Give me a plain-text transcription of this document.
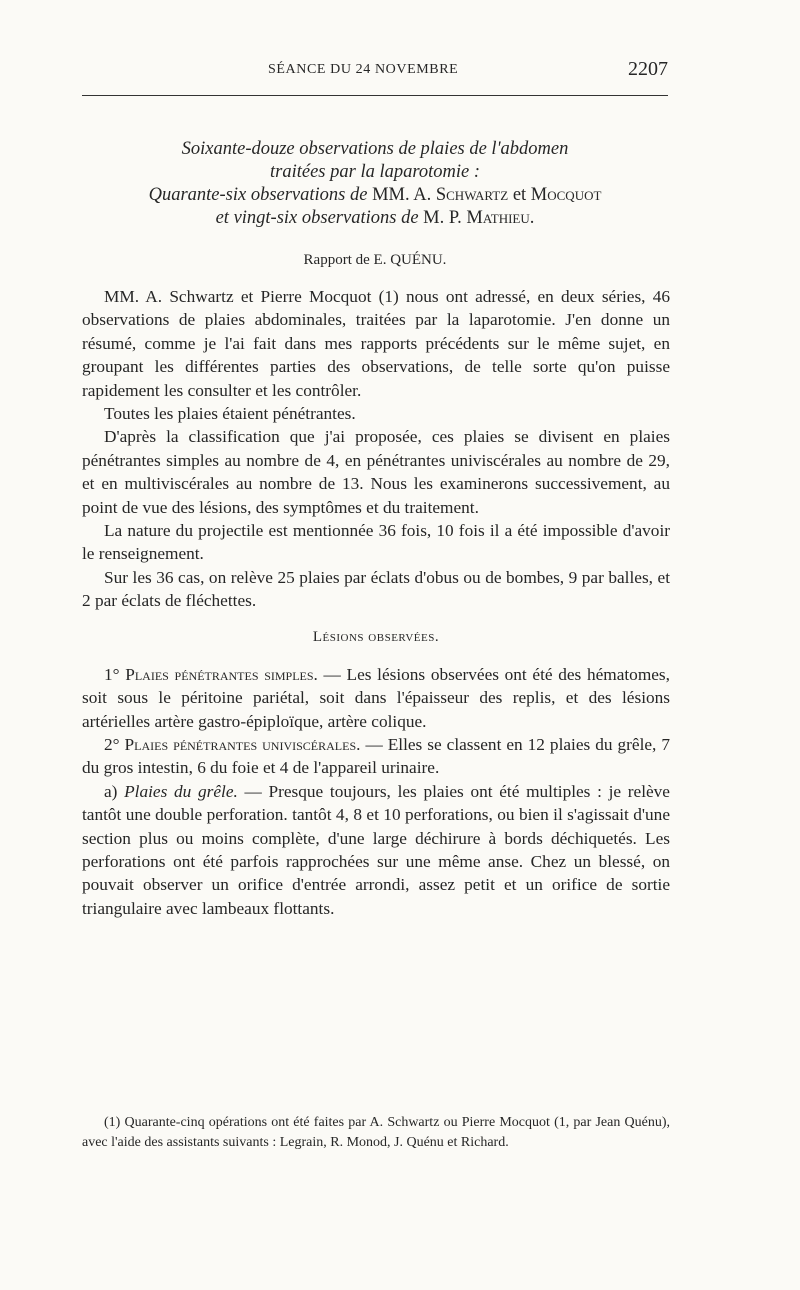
SÉANCE DU 24 NOVEMBRE	2207
Soixante-douze observations de plaies de l'abdomen
traitées par la laparotomie :
Quarante-six observations de MM. A. Schwartz et Mocquot
et vingt-six observations de M. P. Mathieu.
Rapport de E. QUÉNU.

MM. A. Schwartz et Pierre Mocquot (1) nous ont adressé, en deux séries, 46 observations de plaies abdominales, traitées par la laparotomie. J'en donne un résumé, comme je l'ai fait dans mes rapports précédents sur le même sujet, en groupant les différentes parties des observations, de telle sorte qu'on puisse rapidement les consulter et les contrôler.

Toutes les plaies étaient pénétrantes.

D'après la classification que j'ai proposée, ces plaies se divisent en plaies pénétrantes simples au nombre de 4, en pénétrantes univiscérales au nombre de 29, et en multiviscérales au nombre de 13. Nous les examinerons successivement, au point de vue des lésions, des symptômes et du traitement.

La nature du projectile est mentionnée 36 fois, 10 fois il a été impossible d'avoir le renseignement.

Sur les 36 cas, on relève 25 plaies par éclats d'obus ou de bombes, 9 par balles, et 2 par éclats de fléchettes.

Lésions observées.

1° Plaies pénétrantes simples. — Les lésions observées ont été des hématomes, soit sous le péritoine pariétal, soit dans l'épaisseur des replis, et des lésions artérielles artère gastro-épiploïque, artère colique.

2° Plaies pénétrantes univiscérales. — Elles se classent en 12 plaies du grêle, 7 du gros intestin, 6 du foie et 4 de l'appareil urinaire.

a) Plaies du grêle. — Presque toujours, les plaies ont été multiples : je relève tantôt une double perforation. tantôt 4, 8 et 10 perforations, ou bien il s'agissait d'une section plus ou moins complète, d'une large déchirure à bords déchiquetés. Les perforations ont été parfois rapprochées sur une même anse. Chez un blessé, on pouvait observer un orifice d'entrée arrondi, assez petit et un orifice de sortie triangulaire avec lambeaux flottants.

(1) Quarante-cinq opérations ont été faites par A. Schwartz ou Pierre Mocquot (1, par Jean Quénu), avec l'aide des assistants suivants : Legrain, R. Monod, J. Quénu et Richard.
